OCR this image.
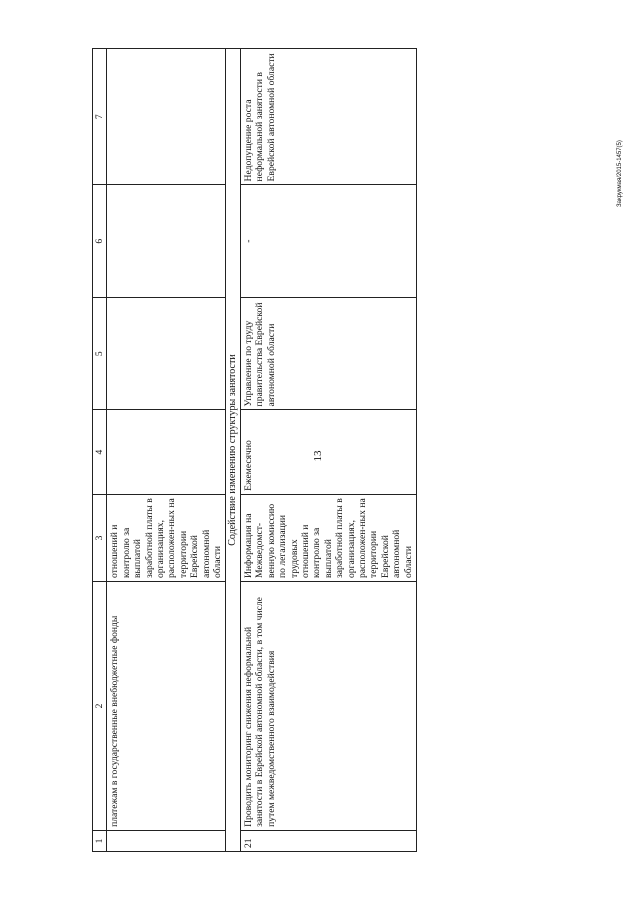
13
Закрукмая/2015-1457(5)
1	2	3	4	5	6	7
	платежам в государственные внебюджетные фонды	отношений и контролю за выплатой заработной платы в организациях, расположен-ных на территории Еврейской автономной области				
Содействие изменению структуры занятости						
21	Проводить мониторинг снижения неформальной занятости в Еврейской автономной области, в том числе путем межведомственного взаимодействия	Информация на Межведомст-венную комиссию по легализации трудовых отношений и контролю за выплатой заработной платы в организациях, расположен-ных на территории Еврейской автономной области	Ежемесячно	Управление по труду правительства Еврейской автономной области	-	Недопущение роста неформальной занятости в Еврейской автономной области
